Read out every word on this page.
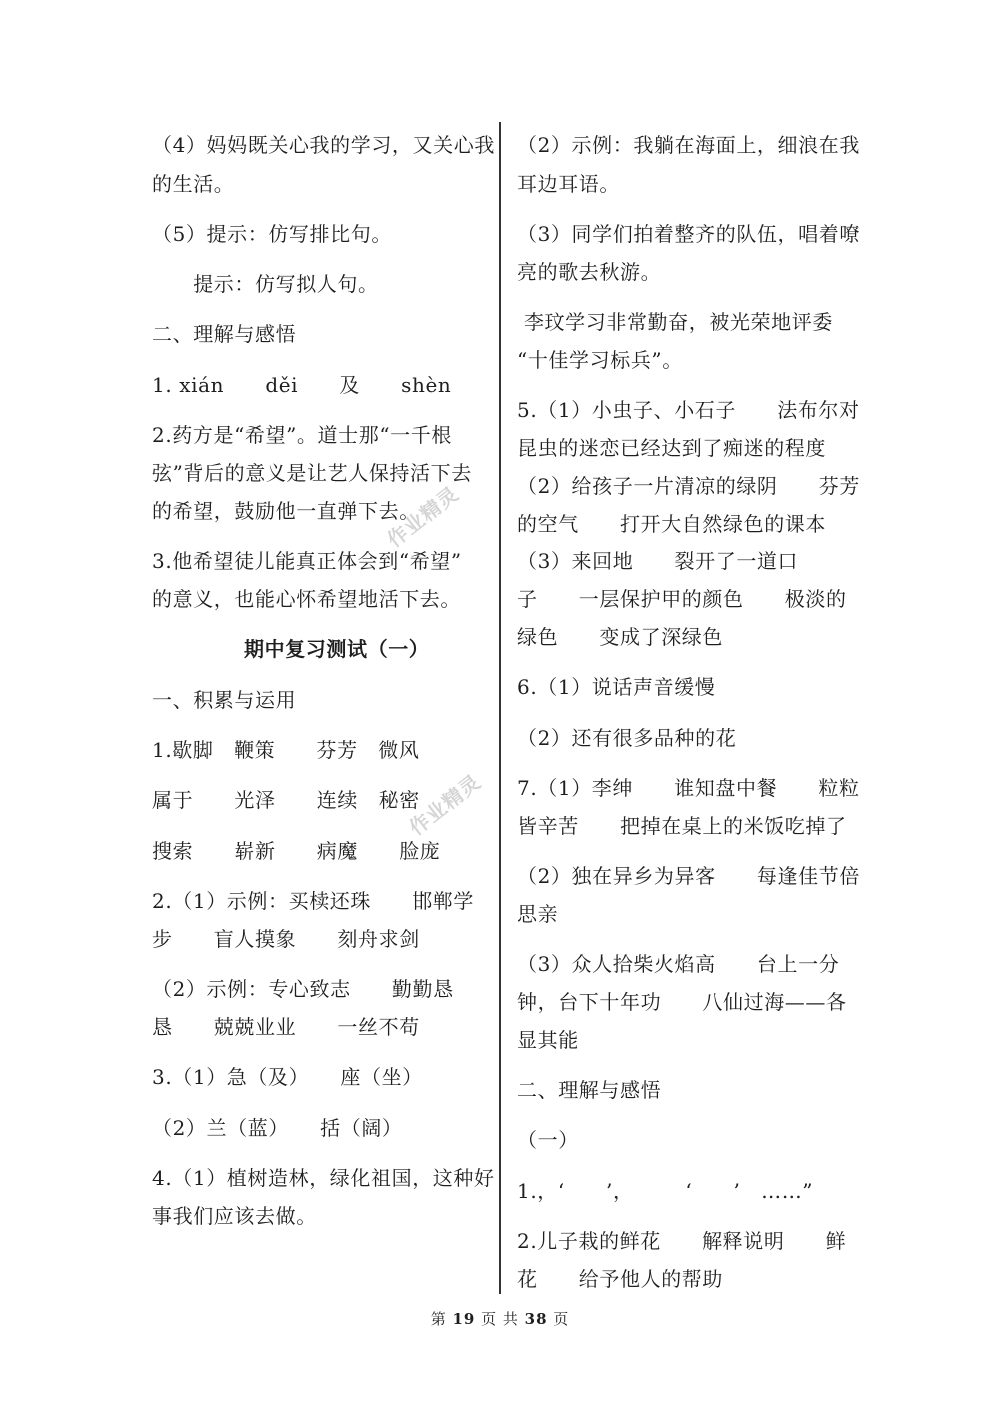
（4）妈妈既关心我的学习，又关心我
的生活。
（5）提示：仿写排比句。
　　提示：仿写拟人句。
二、理解与感悟
1. xián　　děi　　及　　shèn
2.药方是“希望”。道士那“一千根
弦”背后的意义是让艺人保持活下去
的希望，鼓励他一直弹下去。
3.他希望徒儿能真正体会到“希望”
的意义，也能心怀希望地活下去。
期中复习测试（一）
一、积累与运用
1.歇脚　鞭策　　芬芳　微风
属于　　光泽　　连续　秘密
搜索　　崭新　　病魔　　脸庞
2.（1）示例：买椟还珠　　邯郸学
步　　盲人摸象　　刻舟求剑
（2）示例：专心致志　　勤勤恳
恳　　兢兢业业　　一丝不苟
3.（1）急（及）　　座（坐）
（2）兰（蓝）　　括（阔）
4.（1）植树造林，绿化祖国，这种好
事我们应该去做。
（2）示例：我躺在海面上，细浪在我
耳边耳语。
（3）同学们拍着整齐的队伍，唱着嘹
亮的歌去秋游。
李玟学习非常勤奋，被光荣地评委
“十佳学习标兵”。
5.（1）小虫子、小石子　　法布尔对
昆虫的迷恋已经达到了痴迷的程度
（2）给孩子一片清凉的绿阴　　芬芳
的空气　　打开大自然绿色的课本
（3）来回地　　裂开了一道口
子　　一层保护甲的颜色　　极淡的
绿色　　变成了深绿色
6.（1）说话声音缓慢
（2）还有很多品种的花
7.（1）李绅　　谁知盘中餐　　粒粒
皆辛苦　　把掉在桌上的米饭吃掉了
（2）独在异乡为异客　　每逢佳节倍
思亲
（3）众人拾柴火焰高　　台上一分
钟，台下十年功　　八仙过海——各
显其能
二、理解与感悟
（一）
1.，‘　　’，　　　‘　　’　……”
2.儿子栽的鲜花　　解释说明　　鲜
花　　给予他人的帮助
作业精灵
作业精灵
第 19 页 共 38 页
